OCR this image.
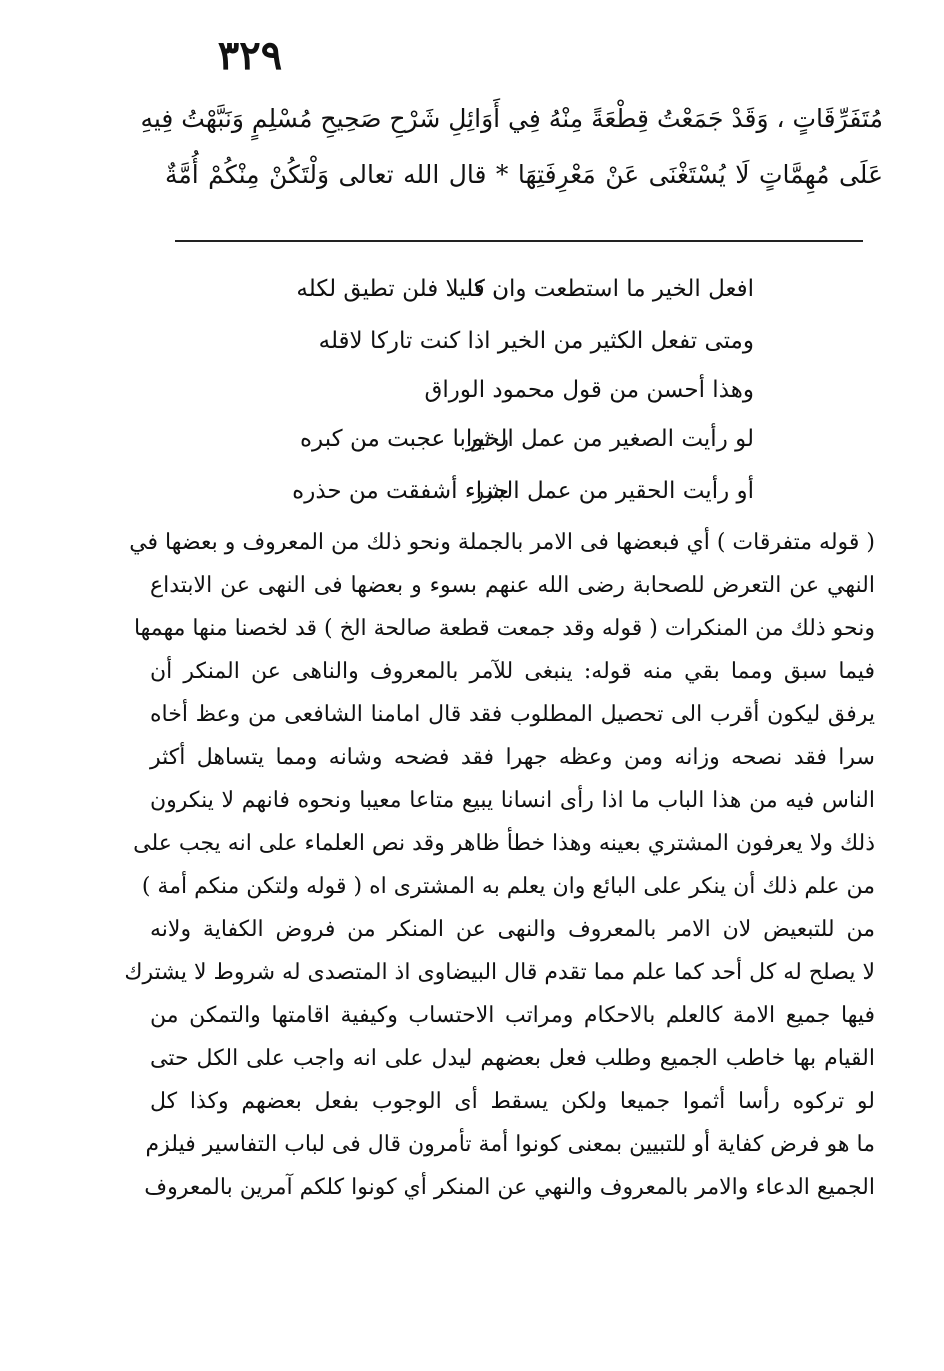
٣٢٩
مُتَفَرِّقَاتٍ ، وَقَدْ جَمَعْتُ قِطْعَةً مِنْهُ فِي أَوَائِلِ شَرْحِ صَحِيحِ مُسْلِمٍ وَنَبَّهْتُ فِيهِ
عَلَى مُهِمَّاتٍ لَا يُسْتَغْنَى عَنْ مَعْرِفَتِهَا * قال الله تعالى وَلْتَكُنْ مِنْكُمْ أُمَّةٌ
افعل الخير ما استطعت وان كا
ن قليلا فلن تطيق لكله
ومتى تفعل الكثير من الخير
ر اذا كنت تاركا لاقله
وهذا أحسن من قول محمود الوراق
لو رأيت الصغير من عمل الخير
ر ثوابا عجبت من كبره
أو رأيت الحقير من عمل الشر
جزاء أشفقت من حذره
( قوله متفرقات ) أي فبعضها فى الامر بالجملة ونحو ذلك من المعروف و بعضها في
النهي عن التعرض للصحابة رضى الله عنهم بسوء و بعضها فى النهى عن الابتداع
ونحو ذلك من المنكرات ( قوله وقد جمعت قطعة صالحة الخ ) قد لخصنا منها مهمها
فيما سبق ومما بقي منه قوله: ينبغى للآمر بالمعروف والناهى عن المنكر أن
يرفق ليكون أقرب الى تحصيل المطلوب فقد قال امامنا الشافعى من وعظ أخاه
سرا فقد نصحه وزانه ومن وعظه جهرا فقد فضحه وشانه ومما يتساهل أكثر
الناس فيه من هذا الباب ما اذا رأى انسانا يبيع متاعا معيبا ونحوه فانهم لا ينكرون
ذلك ولا يعرفون المشتري بعينه وهذا خطأ ظاهر وقد نص العلماء على انه يجب على
من علم ذلك أن ينكر على البائع وان يعلم به المشترى اه ( قوله ولتكن منكم أمة )
من للتبعيض لان الامر بالمعروف والنهى عن المنكر من فروض الكفاية ولانه
لا يصلح له كل أحد كما علم مما تقدم قال البيضاوى اذ المتصدى له شروط لا يشترك
فيها جميع الامة كالعلم بالاحكام ومراتب الاحتساب وكيفية اقامتها والتمكن من
القيام بها خاطب الجميع وطلب فعل بعضهم ليدل على انه واجب على الكل حتى
لو تركوه رأسا أثموا جميعا ولكن يسقط أى الوجوب بفعل بعضهم وكذا كل
ما هو فرض كفاية أو للتبيين بمعنى كونوا أمة تأمرون قال فى لباب التفاسير فيلزم
الجميع الدعاء والامر بالمعروف والنهي عن المنكر أي كونوا كلكم آمرين بالمعروف
